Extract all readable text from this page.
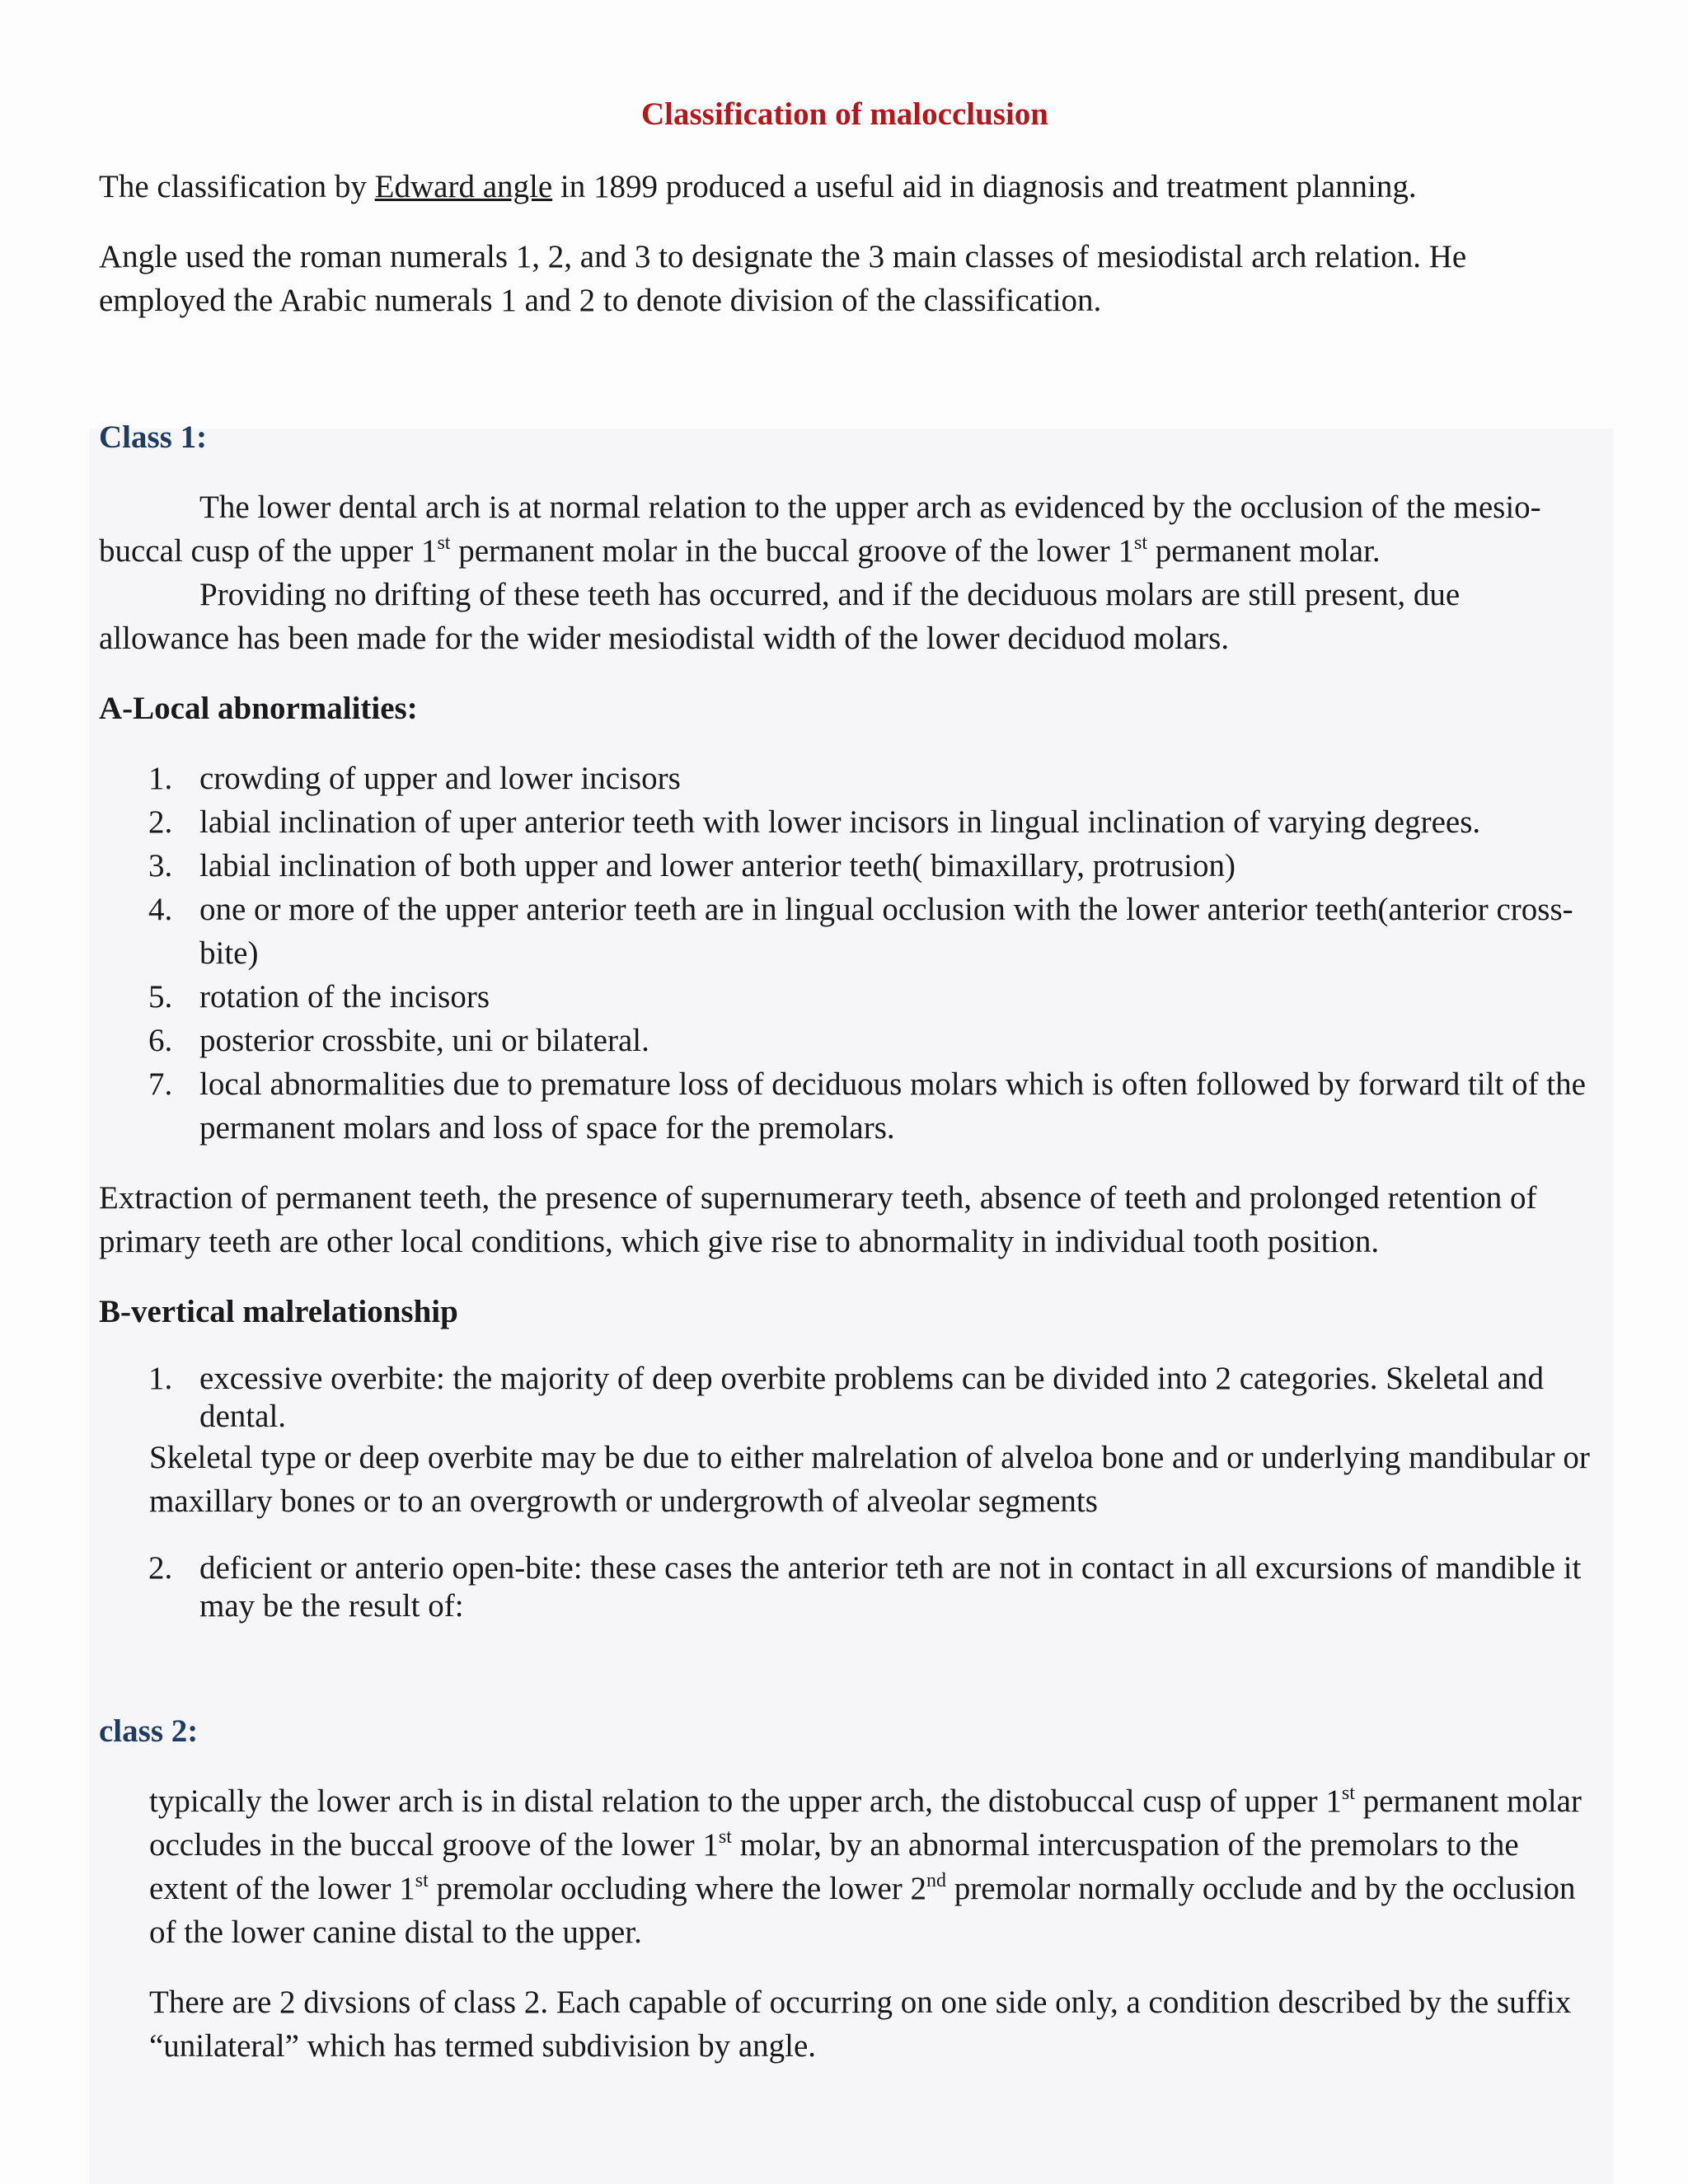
Classification of malocclusion

The classification by Edward angle in 1899 produced a useful aid in diagnosis and treatment planning.

Angle used the roman numerals 1, 2, and 3 to designate the 3 main classes of mesiodistal arch relation. He employed the Arabic numerals 1 and 2 to denote division of the classification.

Class 1:

The lower dental arch is at normal relation to the upper arch as evidenced by the occlusion of the mesio-buccal cusp of the upper 1st permanent molar in the buccal groove of the lower 1st permanent molar.

Providing no drifting of these teeth has occurred, and if the deciduous molars are still present, due allowance has been made for the wider mesiodistal width of the lower deciduod molars.

A-Local abnormalities:

1. crowding of upper and lower incisors
2. labial inclination of uper anterior teeth with lower incisors in lingual inclination of varying degrees.
3. labial inclination of both upper and lower anterior teeth( bimaxillary, protrusion)
4. one or more of the upper anterior teeth are in lingual occlusion with the lower anterior teeth(anterior cross-bite)
5. rotation of the incisors
6. posterior crossbite, uni or bilateral.
7. local abnormalities due to premature loss of deciduous molars which is often followed by forward tilt of the permanent molars and loss of space for the premolars.

Extraction of permanent teeth, the presence of supernumerary teeth, absence of teeth and prolonged retention of primary teeth are other local conditions, which give rise to abnormality in individual tooth position.

B-vertical malrelationship

1. excessive overbite: the majority of deep overbite problems can be divided into 2 categories. Skeletal and dental.

Skeletal type or deep overbite may be due to either malrelation of alveloa bone and or underlying mandibular or maxillary bones or to an overgrowth or undergrowth of alveolar segments

2. deficient or anterio open-bite: these cases the anterior teth are not in contact in all excursions of mandible it may be the result of:

class 2:

typically the lower arch is in distal relation to the upper arch, the distobuccal cusp of upper 1st permanent molar occludes in the buccal groove of the lower 1st molar, by an abnormal intercuspation of the premolars to the extent of the lower 1st premolar occluding where the lower 2nd premolar normally occlude and by the occlusion of the lower canine distal to the upper.

There are 2 divsions of class 2. Each capable of occurring on one side only, a condition described by the suffix “unilateral” which has termed subdivision by angle.
